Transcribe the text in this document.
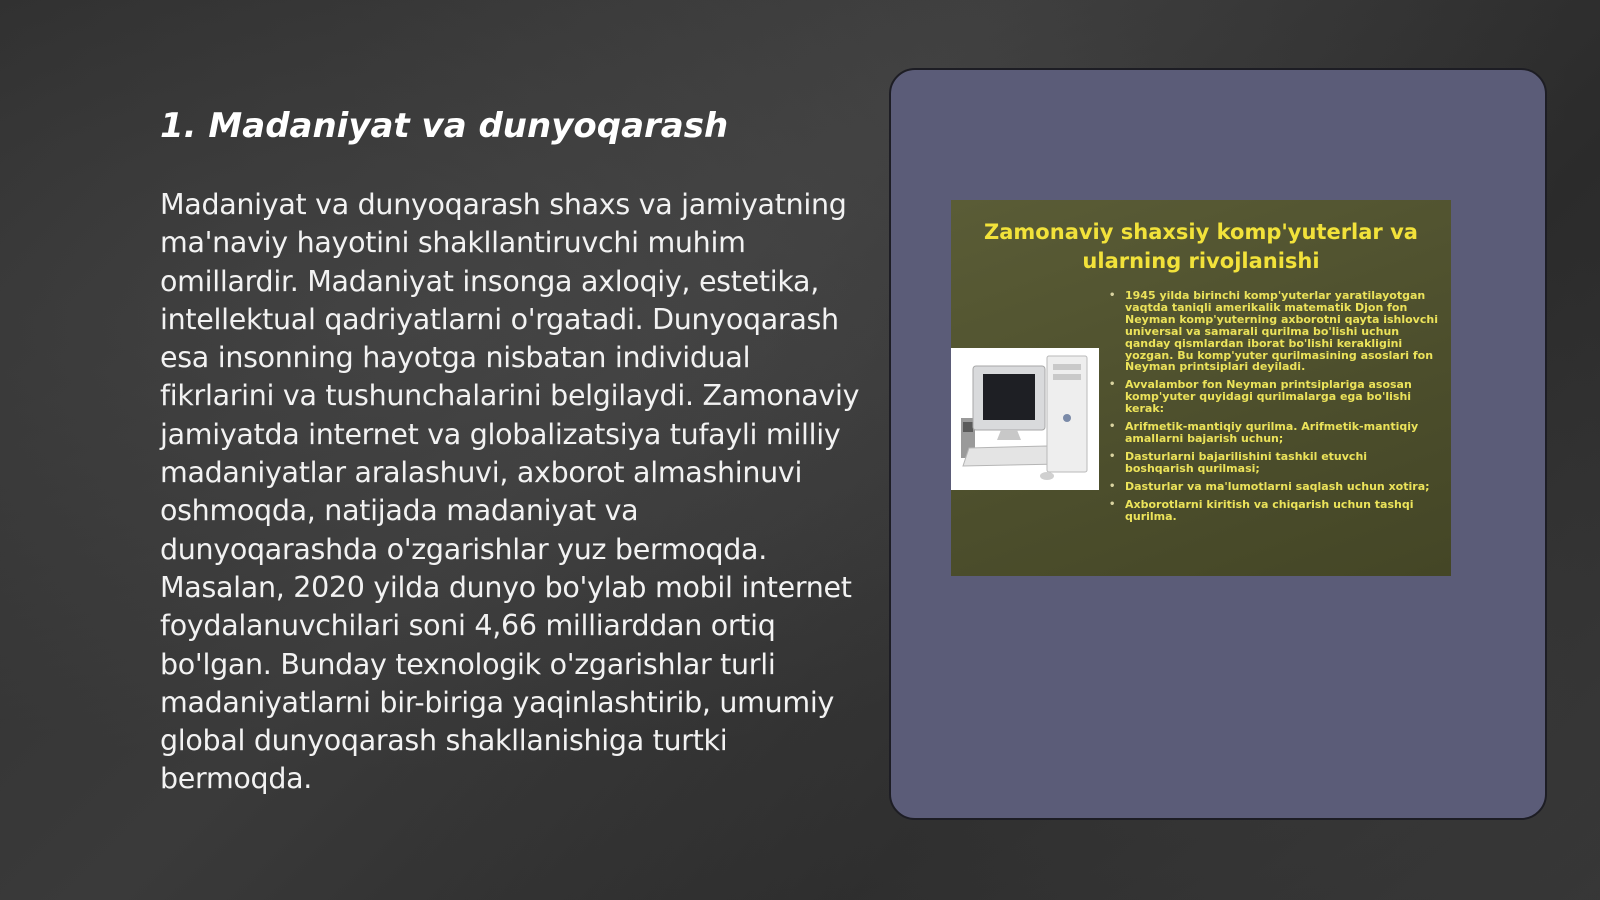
1. Madaniyat va dunyoqarash

Madaniyat va dunyoqarash shaxs va jamiyatning ma'naviy hayotini shakllantiruvchi muhim omillardir. Madaniyat insonga axloqiy, estetika, intellektual qadriyatlarni o'rgatadi. Dunyoqarash esa insonning hayotga nisbatan individual fikrlarini va tushunchalarini belgilaydi. Zamonaviy jamiyatda internet va globalizatsiya tufayli milliy madaniyatlar aralashuvi, axborot almashinuvi oshmoqda, natijada madaniyat va dunyoqarashda o'zgarishlar yuz bermoqda. Masalan, 2020 yilda dunyo bo'ylab mobil internet foydalanuvchilari soni 4,66 milliarddan ortiq bo'lgan. Bunday texnologik o'zgarishlar turli madaniyatlarni bir-biriga yaqinlashtirib, umumiy global dunyoqarash shakllanishiga turtki bermoqda.

Zamonaviy shaxsiy komp'yuterlar va ularning rivojlanishi
• 1945 yilda birinchi komp'yuterlar yaratilayotgan vaqtda taniqli amerikalik matematik Djon fon Neyman komp'yuterning axborotni qayta ishlovchi universal va samarali qurilma bo'lishi uchun qanday qismlardan iborat bo'lishi kerakligini yozgan. Bu komp'yuter qurilmasining asoslari fon Neyman printsiplari deyiladi.
• Avvalambor fon Neyman printsiplariga asosan komp'yuter quyidagi qurilmalarga ega bo'lishi kerak:
• Arifmetik-mantiqiy qurilma. Arifmetik-mantiqiy amallarni bajarish uchun;
• Dasturlarni bajarilishini tashkil etuvchi boshqarish qurilmasi;
• Dasturlar va ma'lumotlarni saqlash uchun xotira;
• Axborotlarni kiritish va chiqarish uchun tashqi qurilma.
